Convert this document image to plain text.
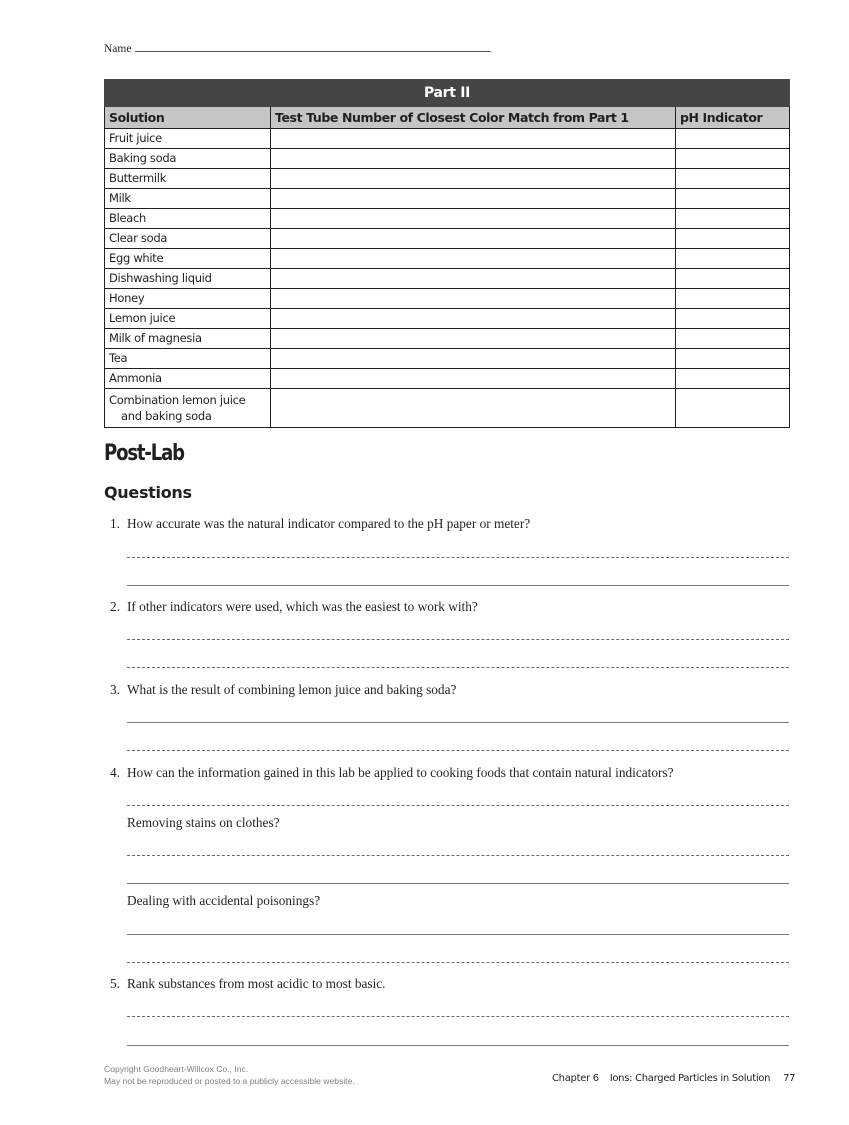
Name
Part II		
Solution	Test Tube Number of Closest Color Match from Part 1	pH Indicator
Fruit juice		
Baking soda		
Buttermilk		
Milk		
Bleach		
Clear soda		
Egg white		
Dishwashing liquid		
Honey		
Lemon juice		
Milk of magnesia		
Tea		
Ammonia		
Combination lemon juice
and baking soda		

Post-Lab
Questions
1. How accurate was the natural indicator compared to the pH paper or meter?
2. If other indicators were used, which was the easiest to work with?
3. What is the result of combining lemon juice and baking soda?
4. How can the information gained in this lab be applied to cooking foods that contain natural indicators?
Removing stains on clothes?
Dealing with accidental poisonings?
5. Rank substances from most acidic to most basic.
Copyright Goodheart-Willcox Co., Inc.
May not be reproduced or posted to a publicly accessible website.	Chapter 6 Ions: Charged Particles in Solution 77
